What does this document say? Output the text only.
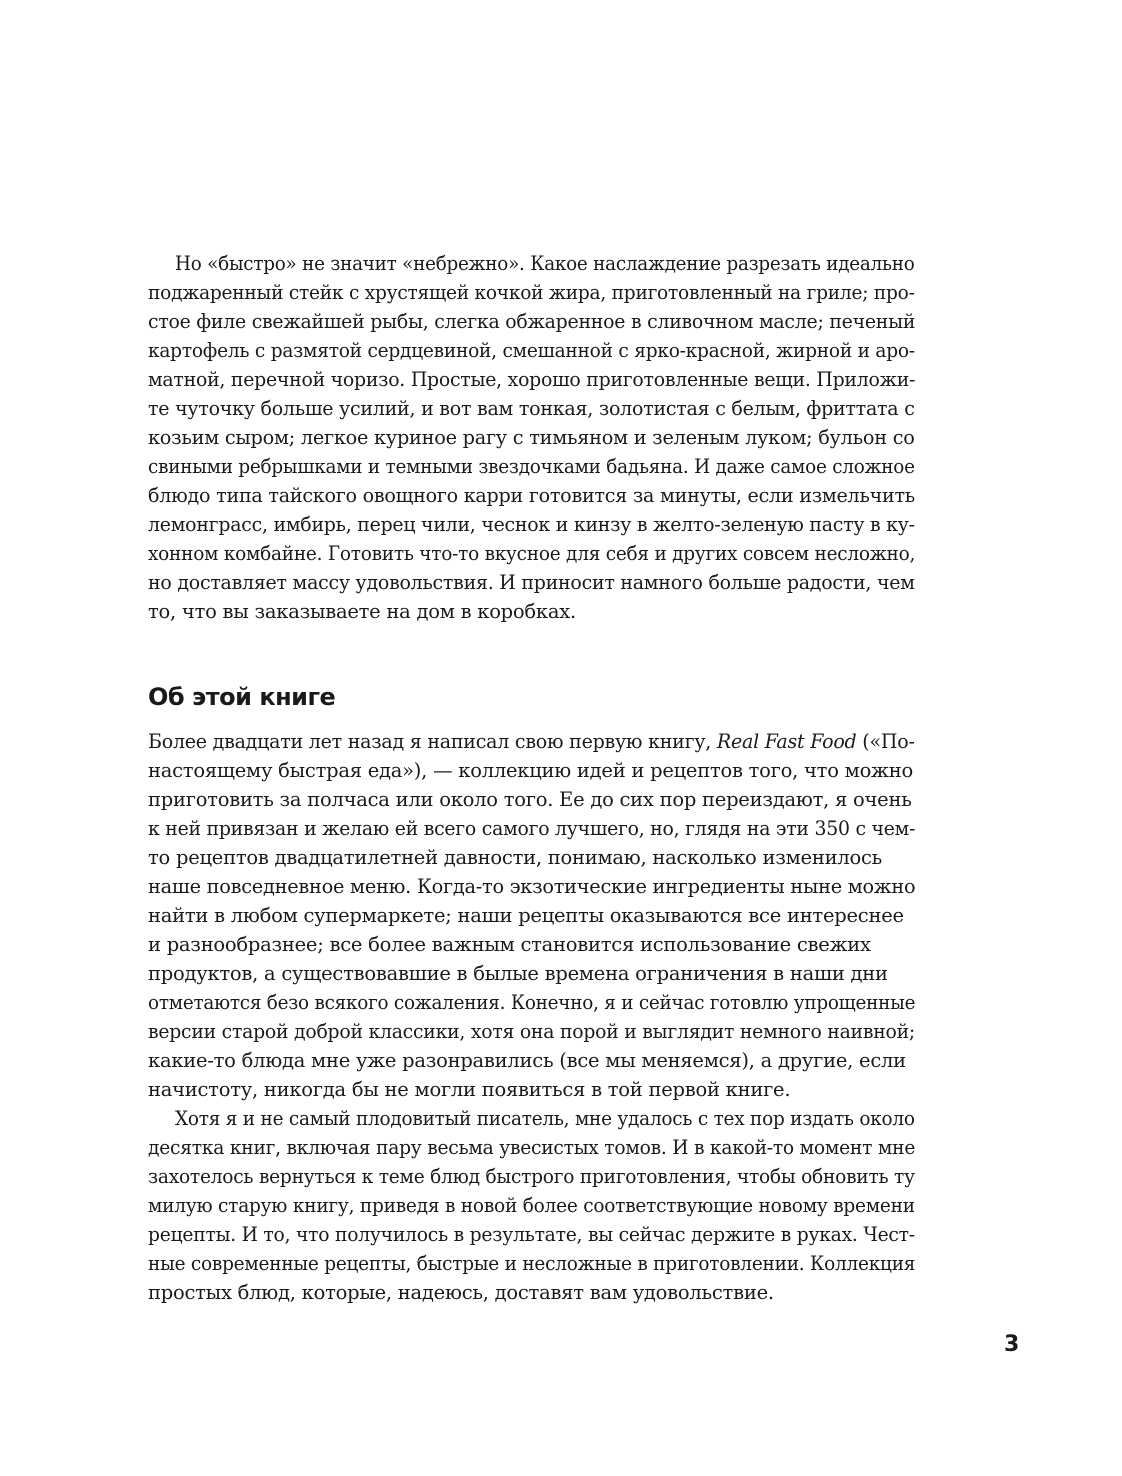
Но «быстро» не значит «небрежно». Какое наслаждение разрезать идеально
поджаренный стейк с хрустящей кочкой жира, приготовленный на гриле; про-
стое филе свежайшей рыбы, слегка обжаренное в сливочном масле; печеный
картофель с размятой сердцевиной, смешанной с ярко-красной, жирной и аро-
матной, перечной чоризо. Простые, хорошо приготовленные вещи. Приложи-
те чуточку больше усилий, и вот вам тонкая, золотистая с белым, фриттата с
козьим сыром; легкое куриное рагу с тимьяном и зеленым луком; бульон со
свиными ребрышками и темными звездочками бадьяна. И даже самое сложное
блюдо типа тайского овощного карри готовится за минуты, если измельчить
лемонграсс, имбирь, перец чили, чеснок и кинзу в желто-зеленую пасту в ку-
хонном комбайне. Готовить что-то вкусное для себя и других совсем несложно,
но доставляет массу удовольствия. И приносит намного больше радости, чем
то, что вы заказываете на дом в коробках.
Об этой книге
Более двадцати лет назад я написал свою первую книгу, Real Fast Food («По-
настоящему быстрая еда»), — коллекцию идей и рецептов того, что можно
приготовить за полчаса или около того. Ее до сих пор переиздают, я очень
к ней привязан и желаю ей всего самого лучшего, но, глядя на эти 350 с чем-
то рецептов двадцатилетней давности, понимаю, насколько изменилось
наше повседневное меню. Когда-то экзотические ингредиенты ныне можно
найти в любом супермаркете; наши рецепты оказываются все интереснее
и разнообразнее; все более важным становится использование свежих
продуктов, а существовавшие в былые времена ограничения в наши дни
отметаются безо всякого сожаления. Конечно, я и сейчас готовлю упрощенные
версии старой доброй классики, хотя она порой и выглядит немного наивной;
какие-то блюда мне уже разонравились (все мы меняемся), а другие, если
начистоту, никогда бы не могли появиться в той первой книге.
Хотя я и не самый плодовитый писатель, мне удалось с тех пор издать около
десятка книг, включая пару весьма увесистых томов. И в какой-то момент мне
захотелось вернуться к теме блюд быстрого приготовления, чтобы обновить ту
милую старую книгу, приведя в новой более соответствующие новому времени
рецепты. И то, что получилось в результате, вы сейчас держите в руках. Чест-
ные современные рецепты, быстрые и несложные в приготовлении. Коллекция
простых блюд, которые, надеюсь, доставят вам удовольствие.
3
